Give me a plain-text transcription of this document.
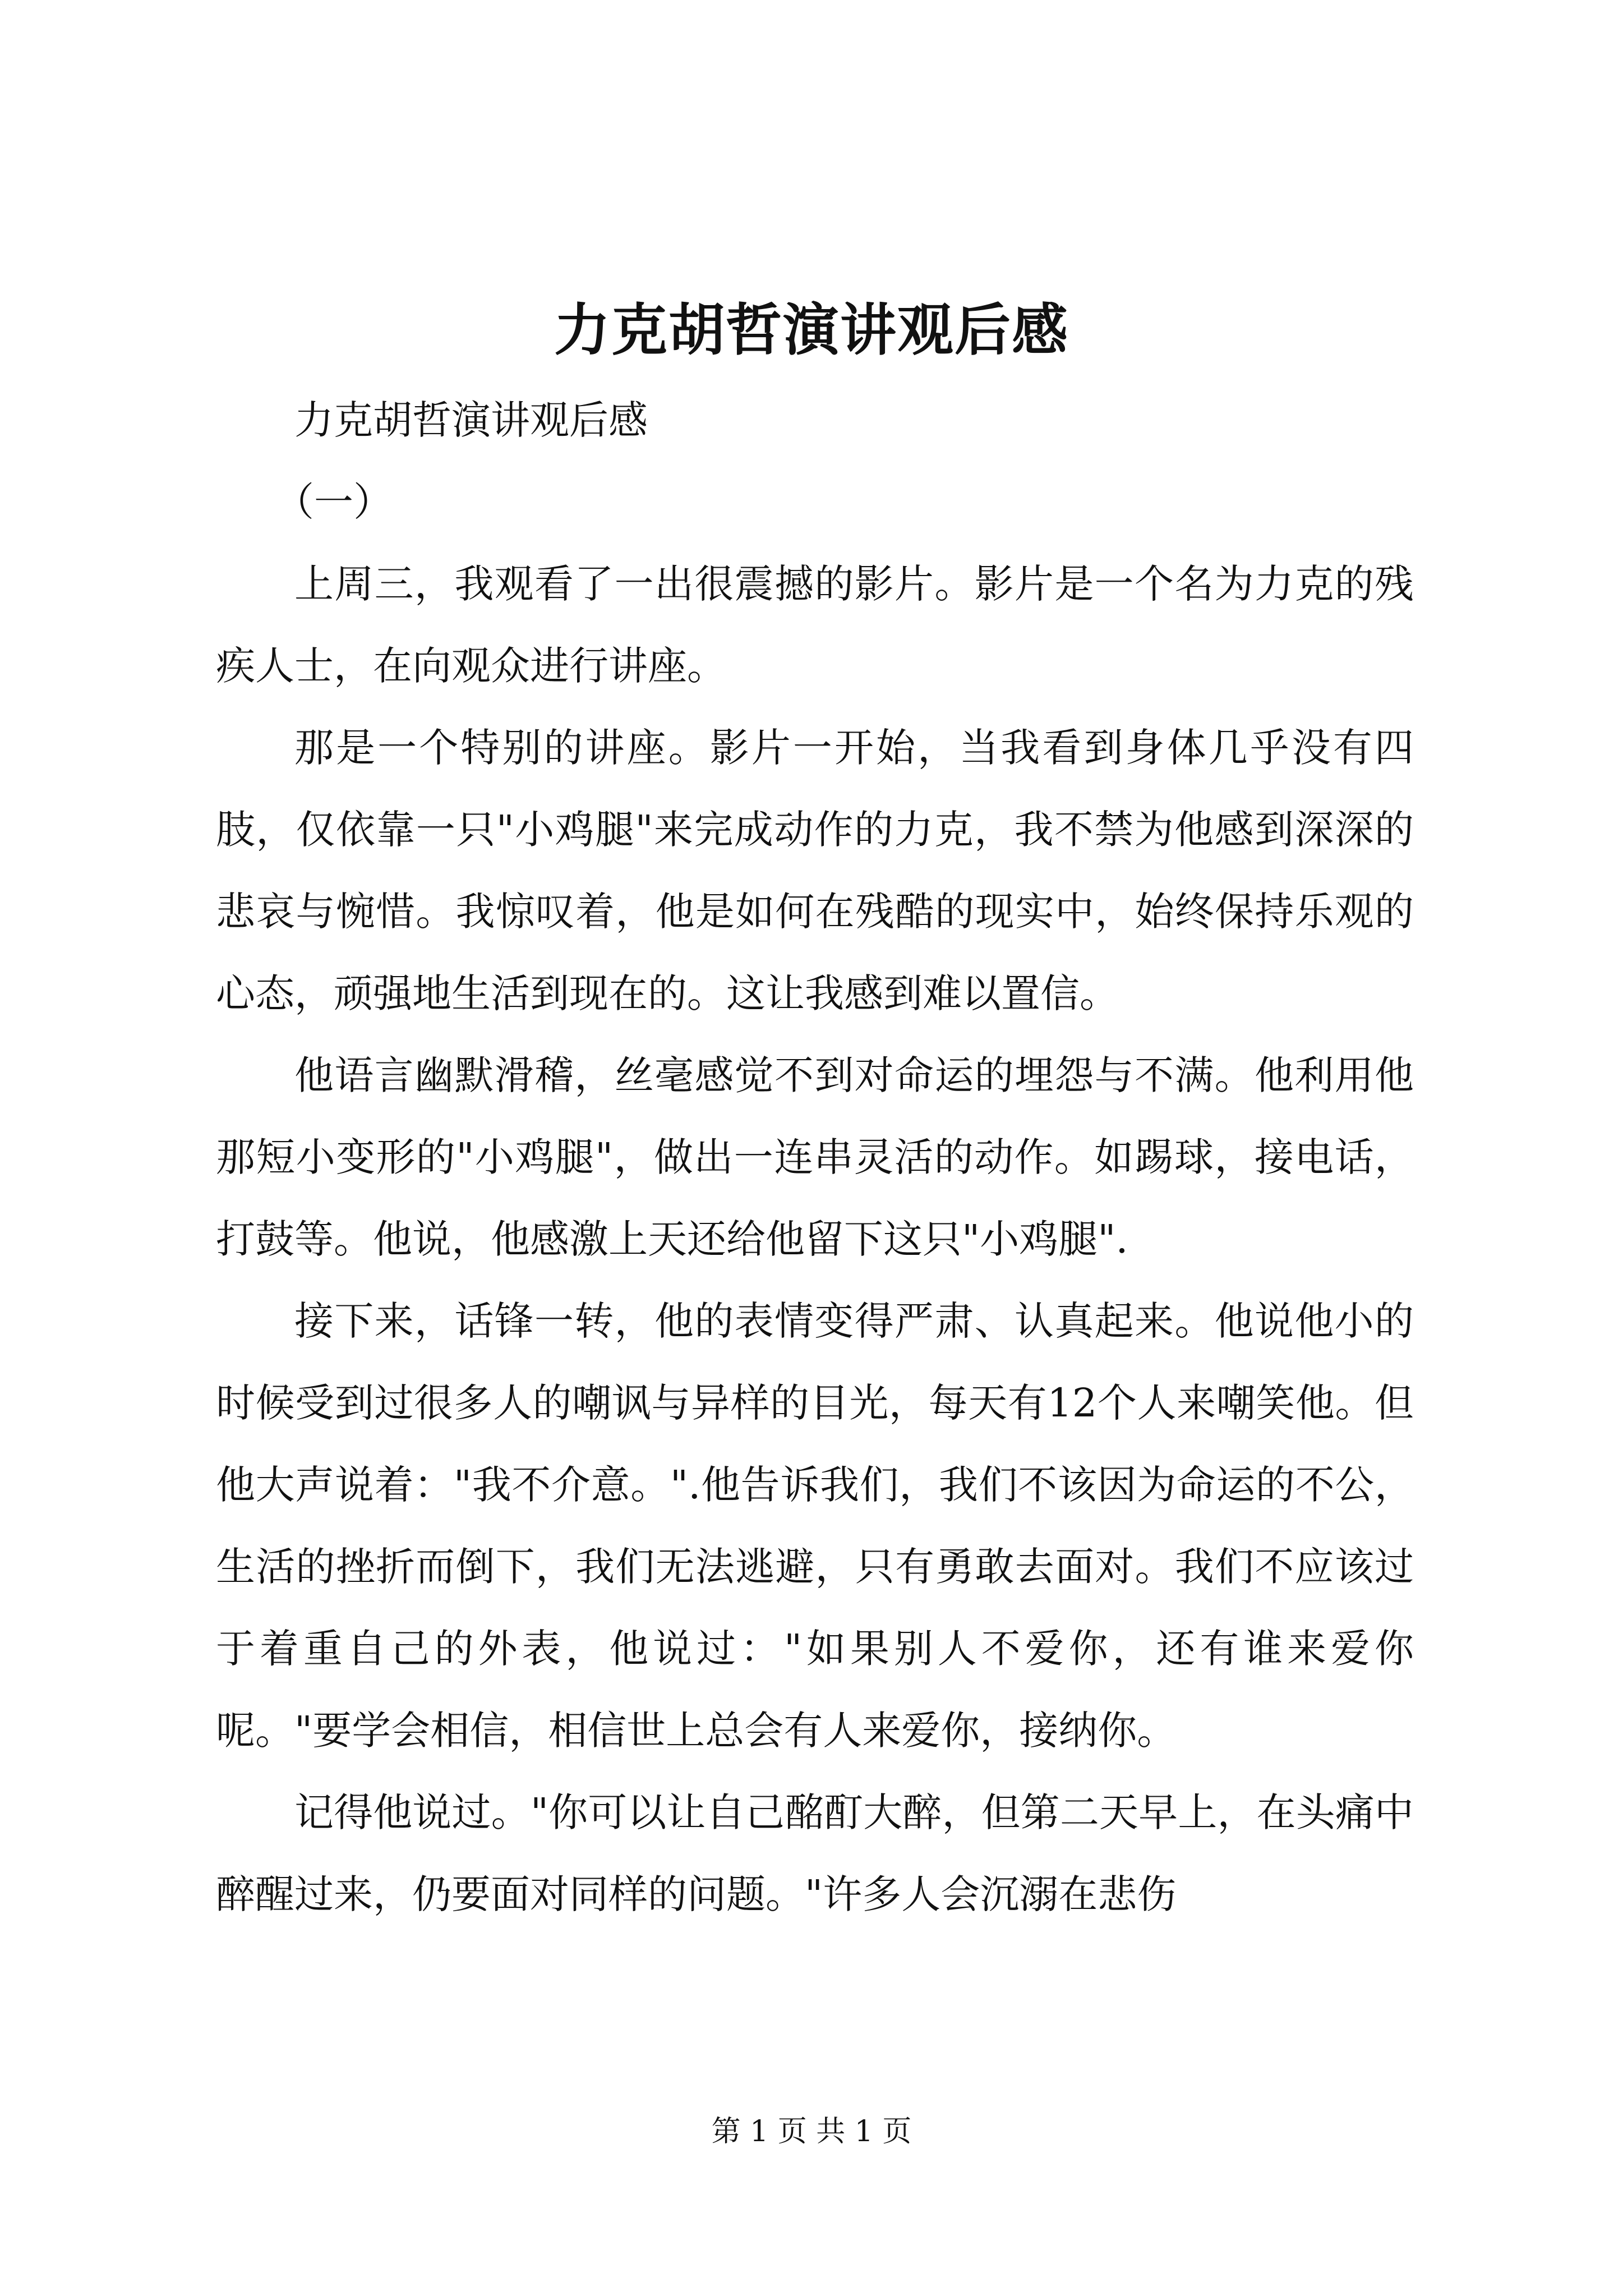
力克胡哲演讲观后感

力克胡哲演讲观后感

（一）

上周三，我观看了一出很震撼的影片。影片是一个名为力克的残疾人士，在向观众进行讲座。

那是一个特别的讲座。影片一开始，当我看到身体几乎没有四肢，仅依靠一只"小鸡腿"来完成动作的力克，我不禁为他感到深深的悲哀与惋惜。我惊叹着，他是如何在残酷的现实中，始终保持乐观的心态，顽强地生活到现在的。这让我感到难以置信。

他语言幽默滑稽，丝毫感觉不到对命运的埋怨与不满。他利用他那短小变形的"小鸡腿"，做出一连串灵活的动作。如踢球，接电话，打鼓等。他说，他感激上天还给他留下这只"小鸡腿".

接下来，话锋一转，他的表情变得严肃、认真起来。他说他小的时候受到过很多人的嘲讽与异样的目光，每天有12个人来嘲笑他。但他大声说着："我不介意。".他告诉我们，我们不该因为命运的不公，生活的挫折而倒下，我们无法逃避，只有勇敢去面对。我们不应该过于着重自己的外表，他说过："如果别人不爱你，还有谁来爱你呢。"要学会相信，相信世上总会有人来爱你，接纳你。

记得他说过。"你可以让自己酩酊大醉，但第二天早上，在头痛中醉醒过来，仍要面对同样的问题。"许多人会沉溺在悲伤

第 1 页 共 1 页
